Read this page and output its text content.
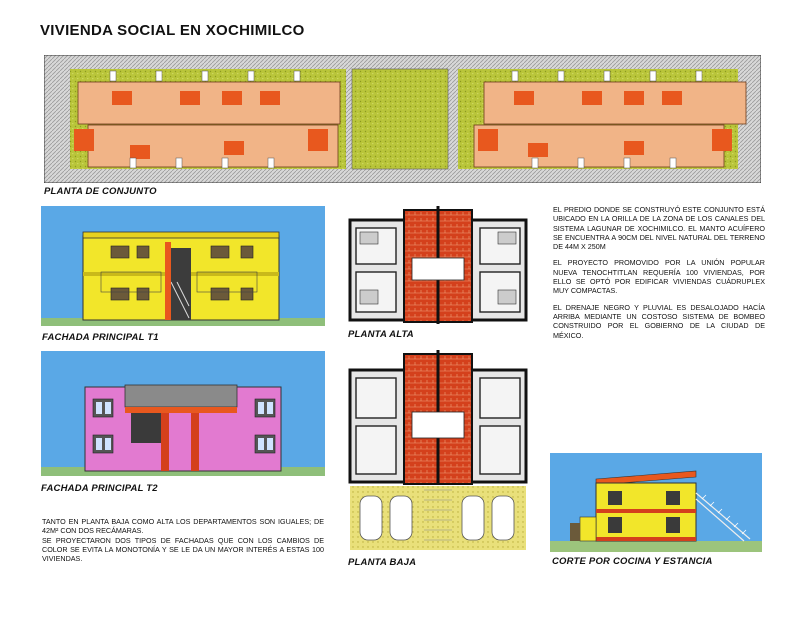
VIVIENDA SOCIAL EN XOCHIMILCO
PLANTA DE CONJUNTO
FACHADA PRINCIPAL T1
FACHADA PRINCIPAL T2
PLANTA ALTA
PLANTA BAJA

EL PREDIO DONDE SE CONSTRUYÓ ESTE CONJUNTO ESTÁ UBICADO EN LA ORILLA DE LA ZONA DE LOS CANALES DEL SISTEMA LAGUNAR DE XOCHIMILCO. EL MANTO ACUÍFERO SE ENCUENTRA A 90CM DEL NIVEL NATURAL DEL TERRENO DE 44M X 250M

EL PROYECTO PROMOVIDO POR LA UNIÓN POPULAR NUEVA TENOCHTITLAN REQUERÍA 100 VIVIENDAS, POR ELLO SE OPTÓ POR EDIFICAR VIVIENDAS CUÁDRUPLEX MUY COMPACTAS.

EL DRENAJE NEGRO Y PLUVIAL ES DESALOJADO HACÍA ARRIBA MEDIANTE UN COSTOSO SISTEMA DE BOMBEO CONSTRUIDO POR EL GOBIERNO DE LA CIUDAD DE MÉXICO.

CORTE POR COCINA Y ESTANCIA

TANTO EN PLANTA BAJA COMO ALTA LOS DEPARTAMENTOS SON IGUALES; DE 42M² CON DOS RECÁMARAS.

SE PROYECTARON DOS TIPOS DE FACHADAS QUE CON LOS CAMBIOS DE COLOR SE EVITA LA MONOTONÍA Y SE LE DA UN MAYOR INTERÉS A ESTAS 100 VIVIENDAS.
